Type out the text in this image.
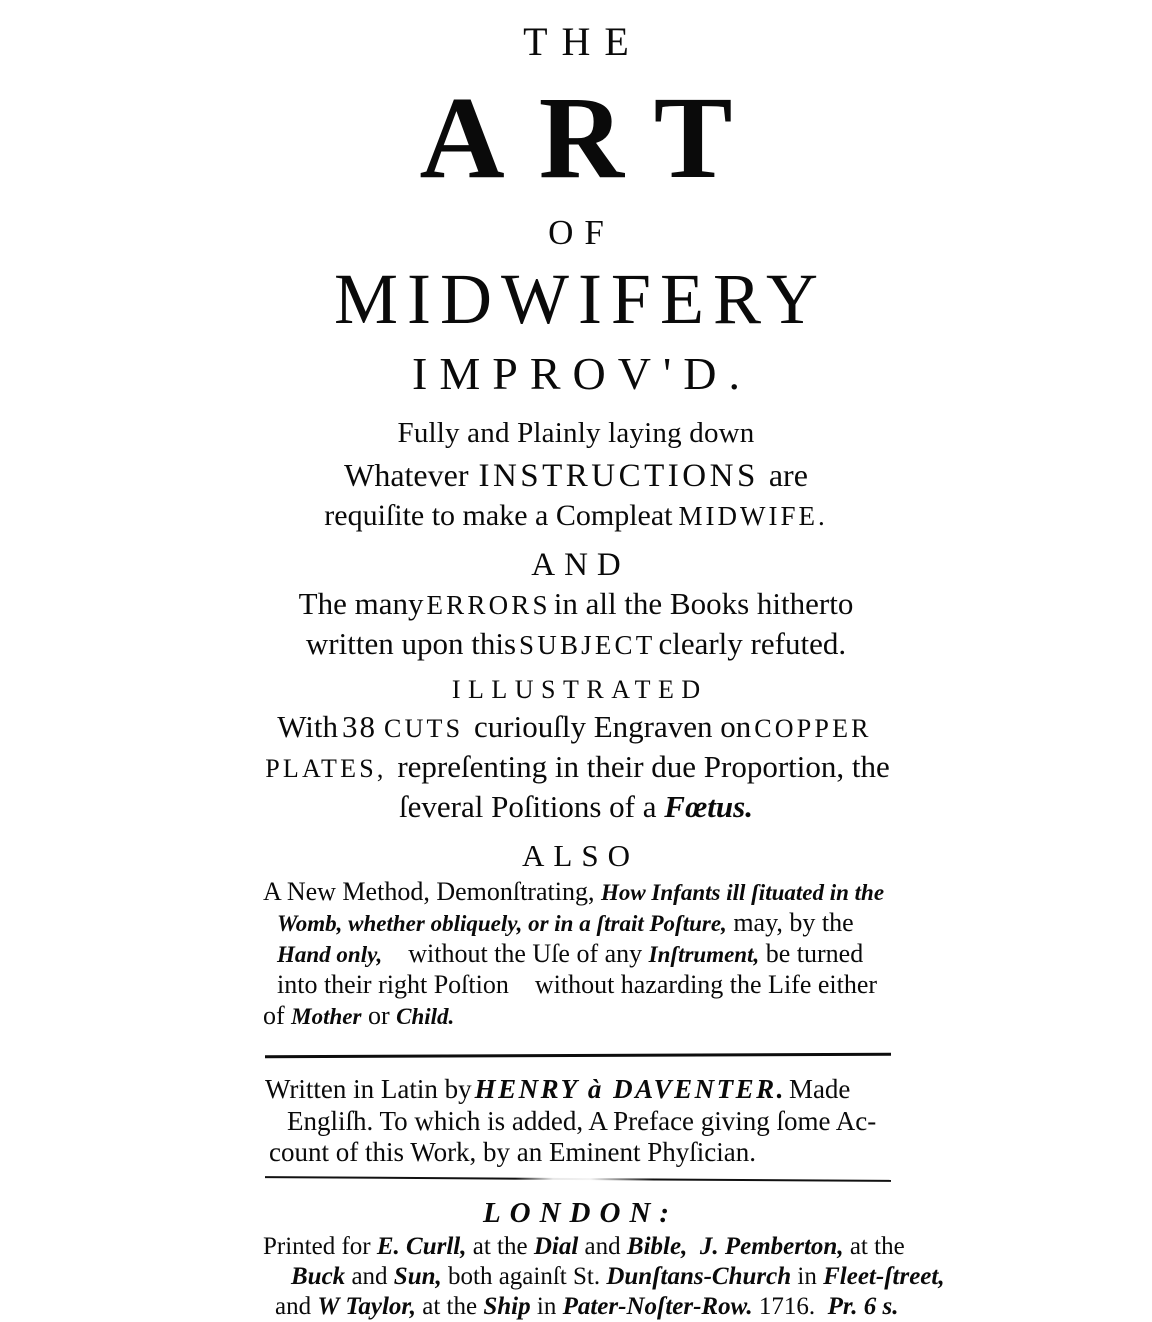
THE
ART
OF
MIDWIFERY
IMPROV'D.
Fully and Plainly laying down
Whatever INSTRUCTIONS are
requiſite to make a Compleat MIDWIFE.
AND
The many ERRORSin all the Books hitherto
written upon this SUBJECTclearly refuted.
ILLUSTRATED
With 38 CUTS curiouſly Engraven on COPPER
PLATES, repreſenting in their due Proportion, the
ſeveral Poſitions of a Fœtus.
ALSO
A New Method, Demonſtrating, How Infants ill ſituated in the
Womb, whether obliquely, or in a ſtrait Poſture, may, by the
Hand only, without the Uſe of any Inſtrument, be turned
into their right Poſtion without hazarding the Life either
of Mother or Child.
Written in Latin by HENRY à DAVENTER. Made
Engliſh. To which is added, A Preface giving ſome Ac-
count of this Work, by an Eminent Phyſician.
LONDON:
Printed for E. Curll, at the Dial and Bible, J. Pemberton, at the
Buck and Sun, both againſt St. Dunſtans-Church in Fleet-ſtreet,
and W Taylor, at the Ship in Pater-Noſter-Row. 1716. Pr. 6 s.
